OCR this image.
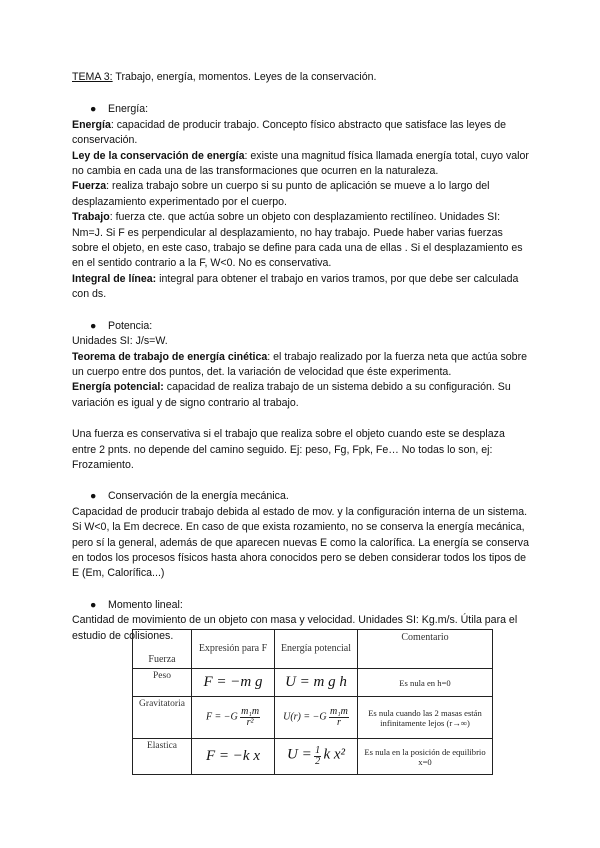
TEMA 3: Trabajo, energía, momentos. Leyes de la conservación.

● Energía:

Energía: capacidad de producir trabajo. Concepto físico abstracto que satisface las leyes de conservación.

Ley de la conservación de energía: existe una magnitud física llamada energía total, cuyo valor no cambia en cada una de las transformaciones que ocurren en la naturaleza.

Fuerza: realiza trabajo sobre un cuerpo si su punto de aplicación se mueve a lo largo del desplazamiento experimentado por el cuerpo.

Trabajo: fuerza cte. que actúa sobre un objeto con desplazamiento rectilíneo. Unidades SI: Nm=J. Si F es perpendicular al desplazamiento, no hay trabajo. Puede haber varias fuerzas sobre el objeto, en este caso, trabajo se define para cada una de ellas . Si el desplazamiento es en el sentido contrario a la F, W<0. No es conservativa.

Integral de línea: integral para obtener el trabajo en varios tramos, por que debe ser calculada con ds.

● Potencia:

Unidades SI: J/s=W.

Teorema de trabajo de energía cinética: el trabajo realizado por la fuerza neta que actúa sobre un cuerpo entre dos puntos, det. la variación de velocidad que éste experimenta.

Energía potencial: capacidad de realiza trabajo de un sistema debido a su configuración. Su variación es igual y de signo contrario al trabajo.

Una fuerza es conservativa si el trabajo que realiza sobre el objeto cuando este se desplaza entre 2 pnts. no depende del camino seguido. Ej: peso, Fg, Fpk, Fe… No todas lo son, ej: Frozamiento.

● Conservación de la energía mecánica.

Capacidad de producir trabajo debida al estado de mov. y la configuración interna de un sistema. Si W<0, la Em decrece. En caso de que exista rozamiento, no se conserva la energía mecánica, pero sí la general, además de que aparecen nuevas E como la calorífica. La energía se conserva en todos los procesos físicos hasta ahora conocidos pero se deben considerar todos los tipos de E (Em, Calorífica...)

● Momento lineal:

Cantidad de movimiento de un objeto con masa y velocidad. Unidades SI: Kg.m/s. Útila para el estudio de colisiones.

Fuerza	Expresión para F	Energía potencial	Comentario
Peso	F = −m g	U = m g h	Es nula en h=0
Gravitatoria	$F = -G \frac{\text{m₁m}}{\text{r²}}$	$U(r) = -G \frac{\text{m₁m}}{r}$	Es nula cuando las 2 masas están infinitamente lejos (r→∞)
Elastica	F = −k x	$U = \frac{1}{2}$ k x²	Es nula en la posición de equilibrio x=0
